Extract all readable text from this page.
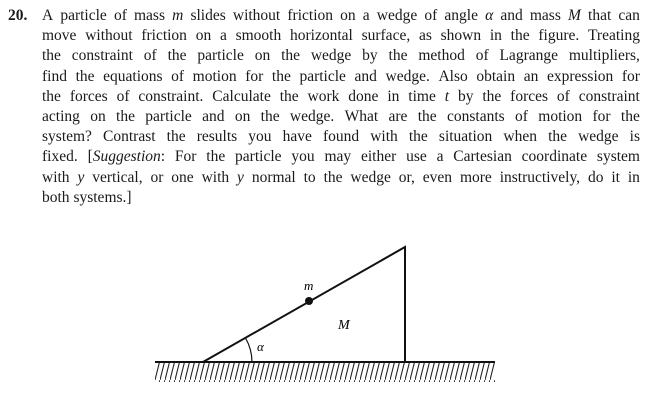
20. A particle of mass m slides without friction on a wedge of angle α and mass M that can
move without friction on a smooth horizontal surface, as shown in the figure. Treating
the constraint of the particle on the wedge by the method of Lagrange multipliers,
find the equations of motion for the particle and wedge. Also obtain an expression for
the forces of constraint. Calculate the work done in time t by the forces of constraint
acting on the particle and on the wedge. What are the constants of motion for the
system? Contrast the results you have found with the situation when the wedge is
fixed. [Suggestion: For the particle you may either use a Cartesian coordinate system
with y vertical, or one with y normal to the wedge or, even more instructively, do it in
both
systems.]

m
M
α
